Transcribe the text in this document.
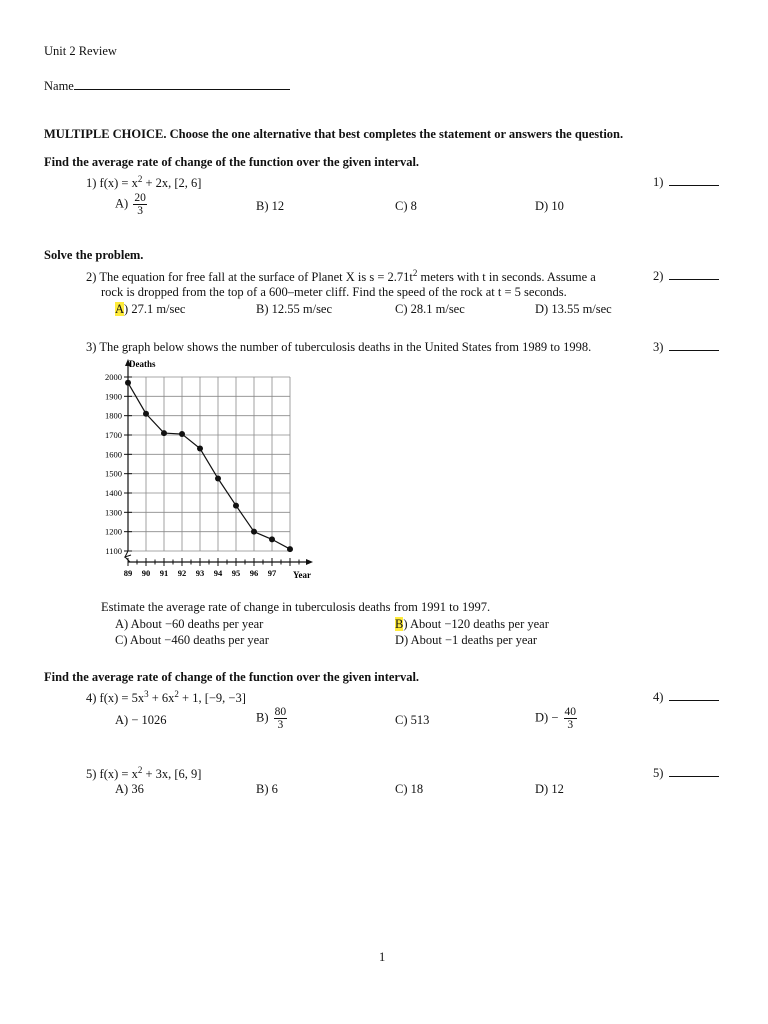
Unit 2 Review
Name
MULTIPLE CHOICE. Choose the one alternative that best completes the statement or answers the question.
Find the average rate of change of the function over the given interval.
1) $f(x) = x^2 + 2x$, [2, 6]	1)
$A) \frac{20}{3}$	B) 12	C) 8	D) 10
Solve the problem.
2) The equation for free fall at the surface of Planet X is $s = 2.71t^2$ meters with t in seconds. Assume a	2)
rock is dropped from the top of a 600–meter cliff. Find the speed of the rock at t = 5 seconds.
A) 27.1 m/sec	B) 12.55 m/sec	C) 28.1 m/sec	D) 13.55 m/sec
3) The graph below shows the number of tuberculosis deaths in the United States from 1989 to 1998.	3)
2000
1900
1800
1700
1600
1500
1400
1300
1200
1100
89 90 91 92 93 94 95 96 97
Deaths
Year
Estimate the average rate of change in tuberculosis deaths from 1991 to 1997.
A) About −60 deaths per year	B) About −120 deaths per year
C) About −460 deaths per year	D) About −1 deaths per year
Find the average rate of change of the function over the given interval.
4) $f(x) = 5x^3 + 6x^2 + 1$, [−9, −3]	4)
A) − 1026	$B) \frac{80}{3}$	C) 513	$D) - \frac{40}{3}$
5) $f(x) = x^2 + 3x$, [6, 9]	5)
A) 36	B) 6	C) 18	D) 12
1
